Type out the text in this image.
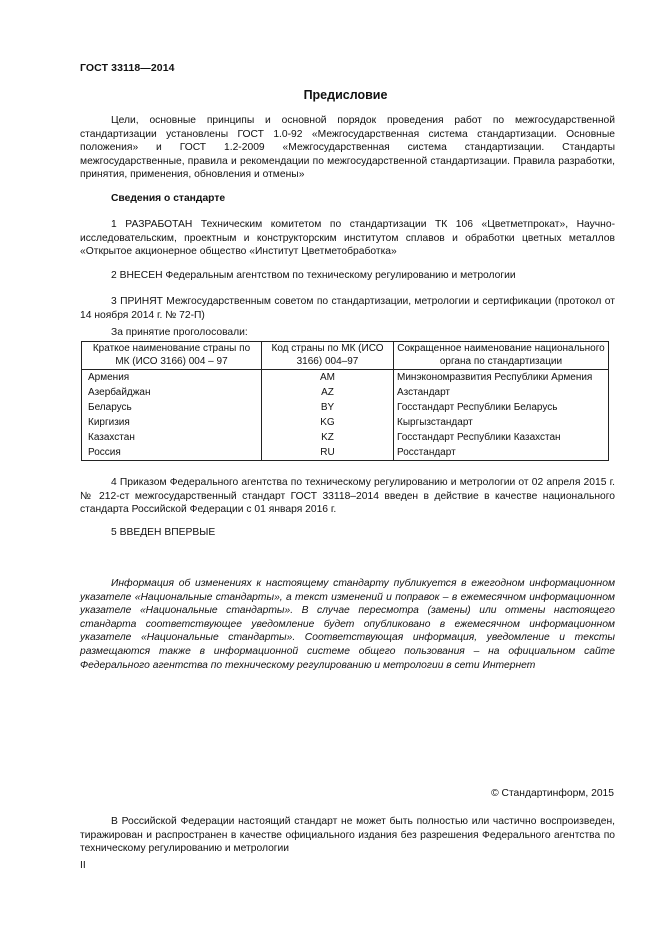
ГОСТ 33118—2014
Предисловие
Цели, основные принципы и основной порядок проведения работ по межгосударственной стандартизации установлены ГОСТ 1.0-92 «Межгосударственная система стандартизации. Основные положения» и ГОСТ 1.2-2009 «Межгосударственная система стандартизации. Стандарты межгосударственные, правила и рекомендации по межгосударственной стандартизации. Правила разработки, принятия, применения, обновления и отмены»
Сведения о стандарте
1 РАЗРАБОТАН Техническим комитетом по стандартизации ТК 106 «Цветметпрокат», Научно-исследовательским, проектным и конструкторским институтом сплавов и обработки цветных металлов «Открытое акционерное общество «Институт Цветметобработка»
2 ВНЕСЕН Федеральным агентством по техническому регулированию и метрологии
3 ПРИНЯТ Межгосударственным советом по стандартизации, метрологии и сертификации (протокол от 14 ноября 2014 г. № 72-П)
За принятие проголосовали:
Краткое наименование страны по МК (ИСО 3166) 004 – 97	Код страны по МК (ИСО 3166) 004–97	Сокращенное наименование национального органа по стандартизации
Армения	AM	Минэкономразвития Республики Армения
Азербайджан	AZ	Азстандарт
Беларусь	BY	Госстандарт Республики Беларусь
Киргизия	KG	Кыргызстандарт
Казахстан	KZ	Госстандарт Республики Казахстан
Россия	RU	Росстандарт
4 Приказом Федерального агентства по техническому регулированию и метрологии от 02 апреля 2015 г. № 212-ст межгосударственный стандарт ГОСТ 33118–2014 введен в действие в качестве национального стандарта Российской Федерации с 01 января 2016 г.
5 ВВЕДЕН ВПЕРВЫЕ
Информация об изменениях к настоящему стандарту публикуется в ежегодном информационном указателе «Национальные стандарты», а текст изменений и поправок – в ежемесячном информационном указателе «Национальные стандарты». В случае пересмотра (замены) или отмены настоящего стандарта соответствующее уведомление будет опубликовано в ежемесячном информационном указателе «Национальные стандарты». Соответствующая информация, уведомление и тексты размещаются также в информационной системе общего пользования – на официальном сайте Федерального агентства по техническому регулированию и метрологии в сети Интернет
© Стандартинформ, 2015
В Российской Федерации настоящий стандарт не может быть полностью или частично воспроизведен, тиражирован и распространен в качестве официального издания без разрешения Федерального агентства по техническому регулированию и метрологии
II
